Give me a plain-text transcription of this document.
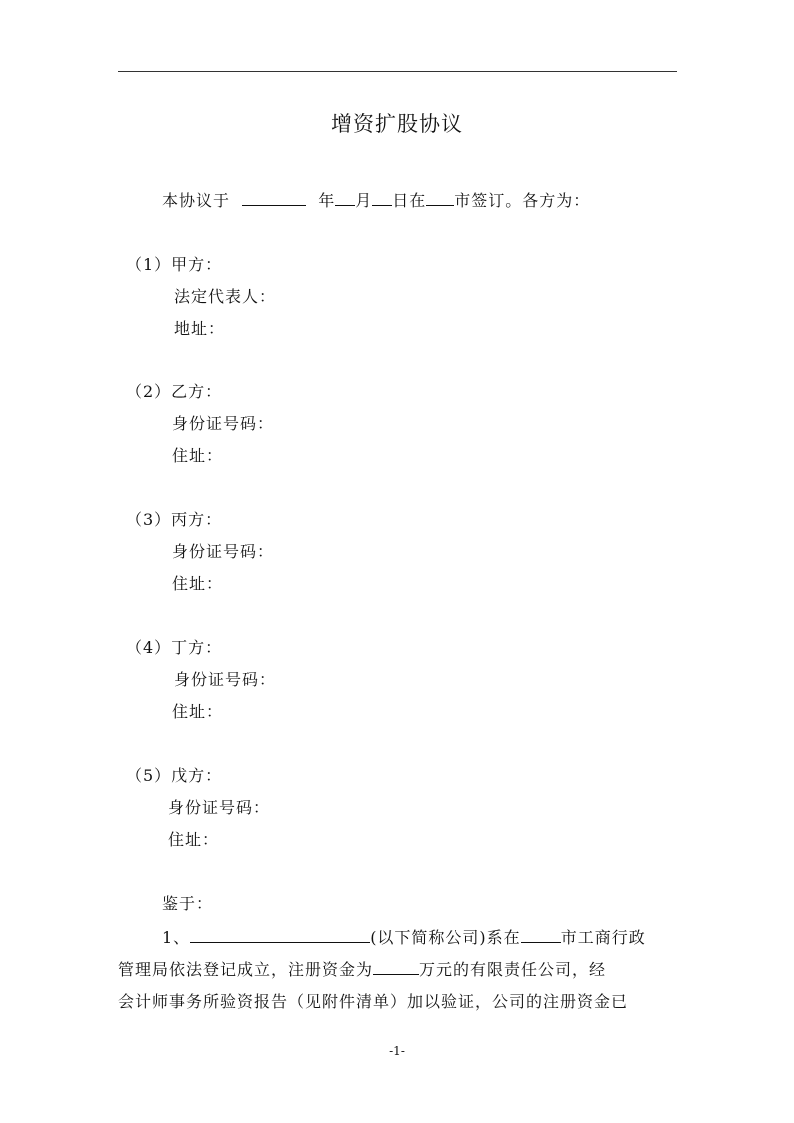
增资扩股协议
本协议于	年 月 日在 市签订。各方为：
（1）甲方：
法定代表人：
地址：
（2）乙方：
身份证号码：
住址：
（3）丙方：
身份证号码：
住址：
（4）丁方：
身份证号码：
住址：
（5）戊方：
身份证号码：
住址：
鉴于：
1、	(以下简称公司)系在	市工商行政
管理局依法登记成立，注册资金为	万元的有限责任公司，经
会计师事务所验资报告（见附件清单）加以验证，公司的注册资金已
-1-
